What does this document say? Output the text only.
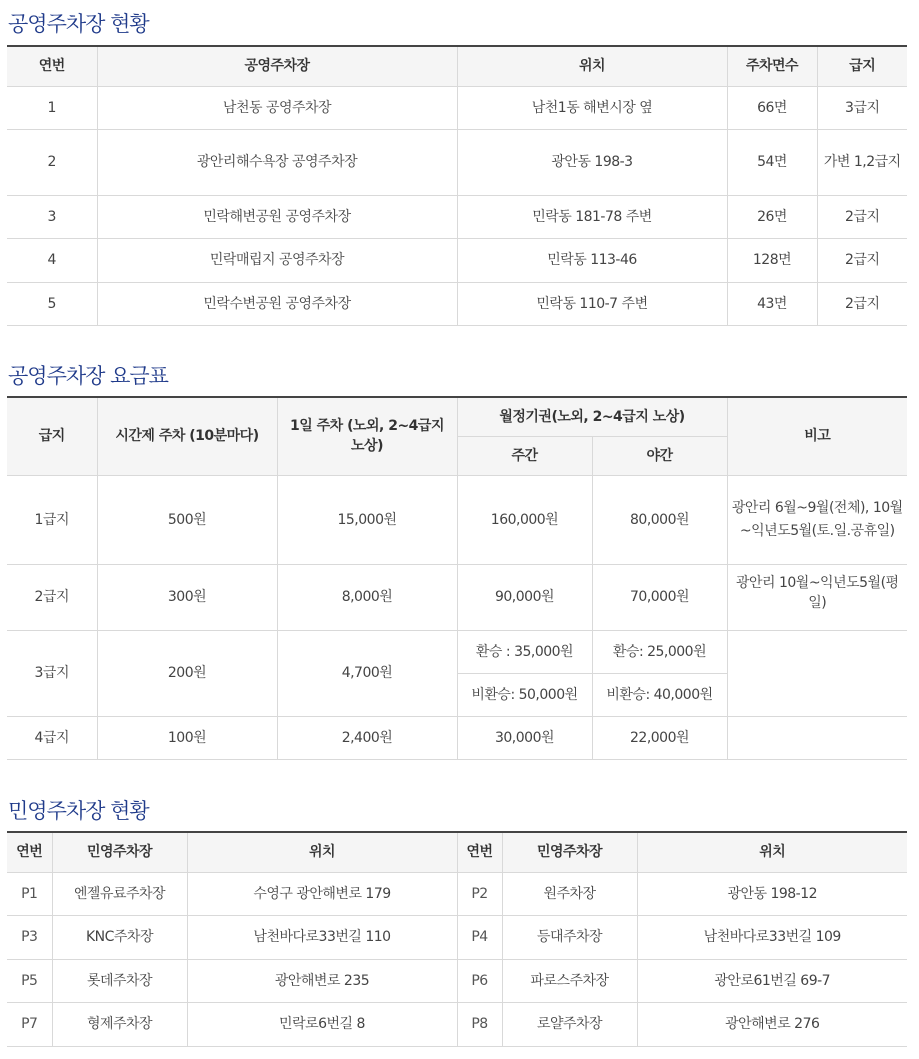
공영주차장 현황
연번	공영주차장	위치	주차면수	급지
1	남천동 공영주차장	남천1동 해변시장 옆	66면	3급지
2	광안리해수욕장 공영주차장	광안동 198-3	54면	가변 1,2급지
3	민락해변공원 공영주차장	민락동 181-78 주변	26면	2급지
4	민락매립지 공영주차장	민락동 113-46	128면	2급지
5	민락수변공원 공영주차장	민락동 110-7 주변	43면	2급지
공영주차장 요금표
급지	시간제 주차 (10분마다)	1일 주차 (노외, 2~4급지 노상)	월정기권(노외, 2~4급지 노상)		비고
			주간	야간	
1급지	500원	15,000원	160,000원	80,000원	광안리 6월~9월(전체), 10월~익년도5월(토.일.공휴일)
2급지	300원	8,000원	90,000원	70,000원	광안리 10월~익년도5월(평일)
3급지	200원	4,700원	환승 : 35,000원	환승: 25,000원	
			비환승: 50,000원	비환승: 40,000원	
4급지	100원	2,400원	30,000원	22,000원	
민영주차장 현황
연번	민영주차장	위치	연번	민영주차장	위치
P1	엔젤유료주차장	수영구 광안해변로 179	P2	원주차장	광안동 198-12
P3	KNC주차장	남천바다로33번길 110	P4	등대주차장	남천바다로33번길 109
P5	롯데주차장	광안해변로 235	P6	파로스주차장	광안로61번길 69-7
P7	형제주차장	민락로6번길 8	P8	로얄주차장	광안해변로 276
